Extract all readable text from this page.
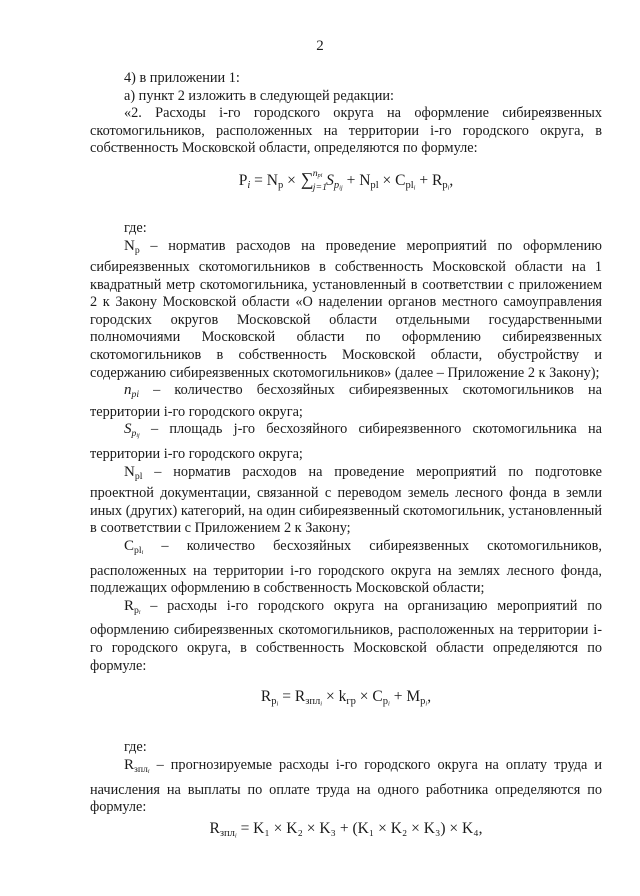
2

4) в приложении 1:

а) пункт 2 изложить в следующей редакции:

«2. Расходы i-го городского округа на оформление сибиреязвенных скотомогильников, расположенных на территории i-го городского округа, в собственность Московской области, определяются по формуле:

$P_i = N_p$ × ∑ npi
j=1 $S_{pij} + N_{pl} \times C_{pli} + R_{pi}$,

где:

$N_p$ – норматив расходов на проведение мероприятий по оформлению сибиреязвенных скотомогильников в собственность Московской области на 1 квадратный метр скотомогильника, установленный в соответствии с приложением 2 к Закону Московской области «О наделении органов местного самоуправления городских округов Московской области отдельными государственными полномочиями Московской области по оформлению сибиреязвенных скотомогильников в собственность Московской области, обустройству и содержанию сибиреязвенных скотомогильников» (далее – Приложение 2 к Закону);

$n_{pi}$ – количество бесхозяйных сибиреязвенных скотомогильников на территории i-го городского округа;

$S_{pij}$ – площадь j-го бесхозяйного сибиреязвенного скотомогильника на территории i-го городского округа;

$N_{pl}$ – норматив расходов на проведение мероприятий по подготовке проектной документации, связанной с переводом земель лесного фонда в земли иных (других) категорий, на один сибиреязвенный скотомогильник, установленный в соответствии с Приложением 2 к Закону;

$C_{pli}$ – количество бесхозяйных сибиреязвенных скотомогильников, расположенных на территории i-го городского округа на землях лесного фонда, подлежащих оформлению в собственность Московской области;

$R_{pi}$ – расходы i-го городского округа на организацию мероприятий по оформлению сибиреязвенных скотомогильников, расположенных на территории i-го городского округа, в собственность Московской области определяются по формуле:

$R_{pi} = R_{зплi} \times k_{гр} \times C_{pi} + M_{pi}$,

где:

$R_{зплi}$ – прогнозируемые расходы i-го городского округа на оплату труда и начисления на выплаты по оплате труда на одного работника определяются по формуле:

$R_{зплi} = K_1 \times K_2 \times K_3 + (K_1 \times K_2 \times K_3) \times K_4$,
